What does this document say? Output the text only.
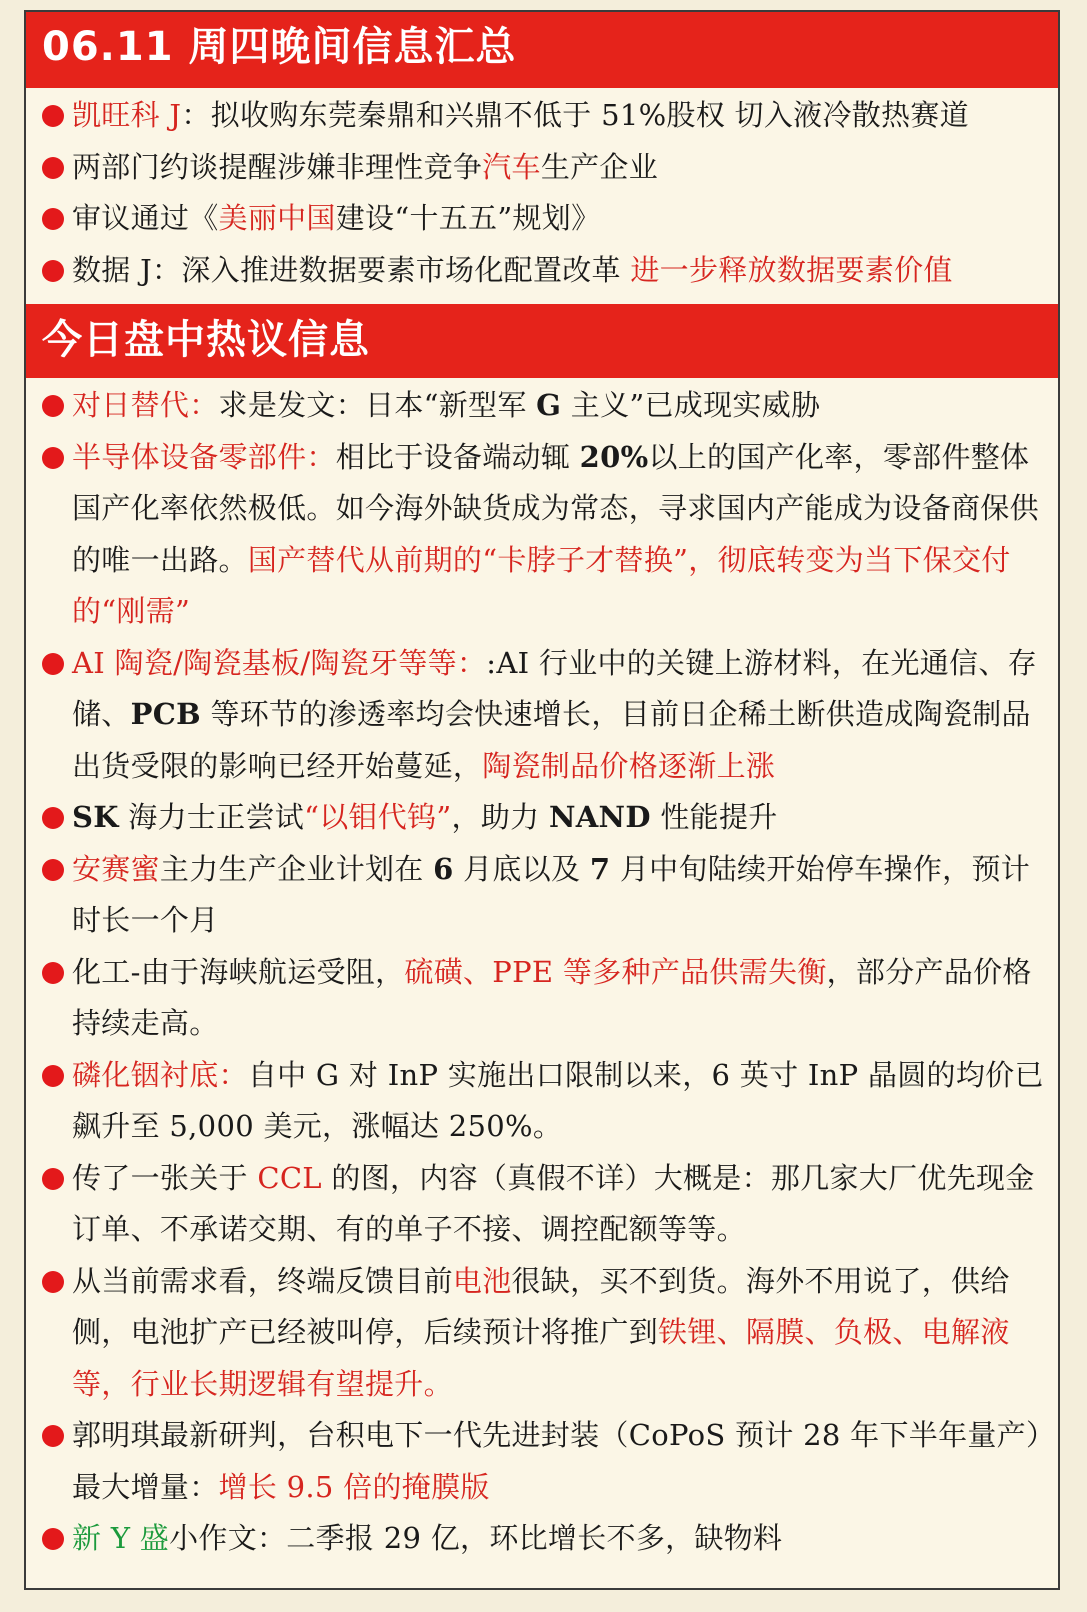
06.11 周四晚间信息汇总
凯旺科 J：拟收购东莞秦鼎和兴鼎不低于 51%股权 切入液冷散热赛道
两部门约谈提醒涉嫌非理性竞争汽车生产企业
审议通过《美丽中国建设“十五五”规划》
数据 J：深入推进数据要素市场化配置改革 进一步释放数据要素价值
今日盘中热议信息
对日替代：求是发文：日本“新型军 G 主义”已成现实威胁
半导体设备零部件：相比于设备端动辄 20%以上的国产化率，零部件整体国产化率依然极低。如今海外缺货成为常态，寻求国内产能成为设备商保供的唯一出路。国产替代从前期的“卡脖子才替换”，彻底转变为当下保交付的“刚需”
AI 陶瓷/陶瓷基板/陶瓷牙等等：:AI 行业中的关键上游材料，在光通信、存储、PCB 等环节的渗透率均会快速增长，目前日企稀土断供造成陶瓷制品出货受限的影响已经开始蔓延，陶瓷制品价格逐渐上涨
SK 海力士正尝试“以钼代钨”，助力 NAND 性能提升
安赛蜜主力生产企业计划在 6 月底以及 7 月中旬陆续开始停车操作，预计时长一个月
化工-由于海峡航运受阻，硫磺、PPE 等多种产品供需失衡，部分产品价格持续走高。
磷化铟衬底：自中 G 对 InP 实施出口限制以来，6 英寸 InP 晶圆的均价已飙升至 5,000 美元，涨幅达 250%。
传了一张关于 CCL 的图，内容（真假不详）大概是：那几家大厂优先现金订单、不承诺交期、有的单子不接、调控配额等等。
从当前需求看，终端反馈目前电池很缺，买不到货。海外不用说了，供给侧，电池扩产已经被叫停，后续预计将推广到铁锂、隔膜、负极、电解液等，行业长期逻辑有望提升。
郭明琪最新研判，台积电下一代先进封装（CoPoS 预计 28 年下半年量产）最大增量：增长 9.5 倍的掩膜版
新 Y 盛小作文：二季报 29 亿，环比增长不多，缺物料
